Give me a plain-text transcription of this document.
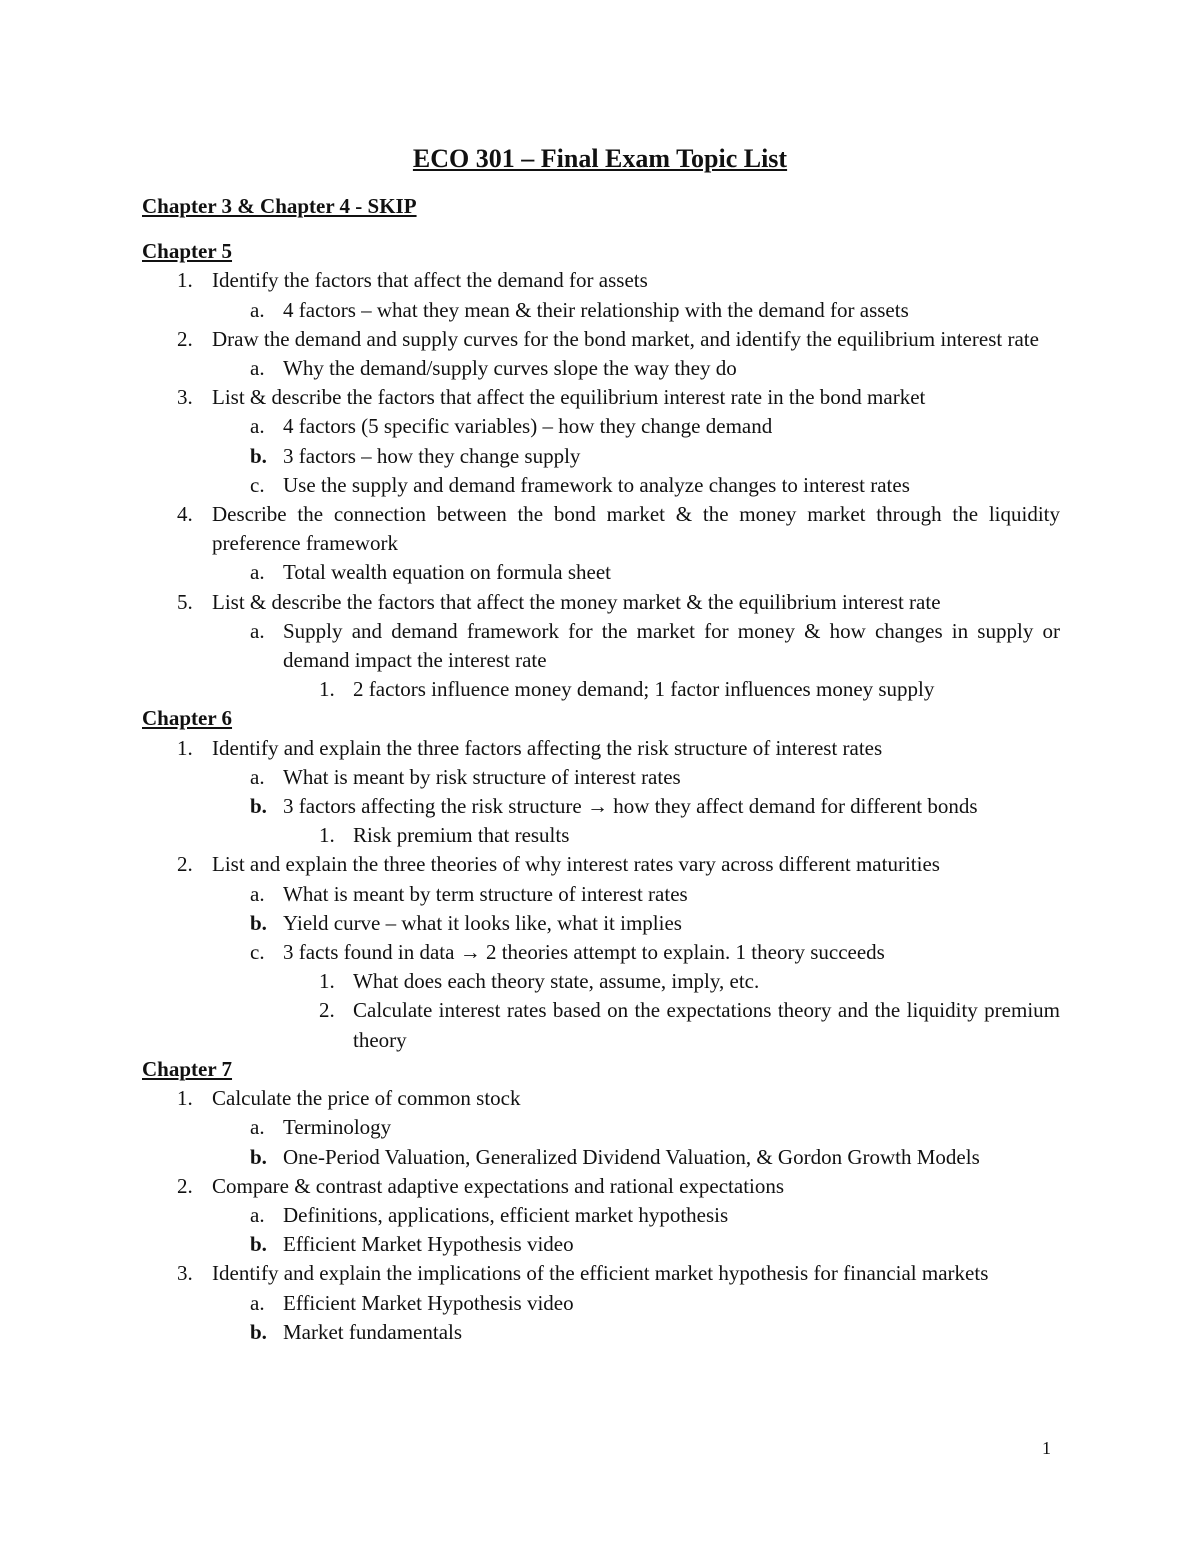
ECO 301 – Final Exam Topic List
Chapter 3 & Chapter 4 - SKIP
Chapter 5
1. Identify the factors that affect the demand for assets
a. 4 factors – what they mean & their relationship with the demand for assets
2. Draw the demand and supply curves for the bond market, and identify the equilibrium interest rate
a. Why the demand/supply curves slope the way they do
3. List & describe the factors that affect the equilibrium interest rate in the bond market
a. 4 factors (5 specific variables) – how they change demand
b. 3 factors – how they change supply
c. Use the supply and demand framework to analyze changes to interest rates
4. Describe the connection between the bond market & the money market through the liquidity preference framework
a. Total wealth equation on formula sheet
5. List & describe the factors that affect the money market & the equilibrium interest rate
a. Supply and demand framework for the market for money & how changes in supply or demand impact the interest rate
1. 2 factors influence money demand; 1 factor influences money supply
Chapter 6
1. Identify and explain the three factors affecting the risk structure of interest rates
a. What is meant by risk structure of interest rates
b. 3 factors affecting the risk structure → how they affect demand for different bonds
1. Risk premium that results
2. List and explain the three theories of why interest rates vary across different maturities
a. What is meant by term structure of interest rates
b. Yield curve – what it looks like, what it implies
c. 3 facts found in data → 2 theories attempt to explain. 1 theory succeeds
1. What does each theory state, assume, imply, etc.
2. Calculate interest rates based on the expectations theory and the liquidity premium theory
Chapter 7
1. Calculate the price of common stock
a. Terminology
b. One-Period Valuation, Generalized Dividend Valuation, & Gordon Growth Models
2. Compare & contrast adaptive expectations and rational expectations
a. Definitions, applications, efficient market hypothesis
b. Efficient Market Hypothesis video
3. Identify and explain the implications of the efficient market hypothesis for financial markets
a. Efficient Market Hypothesis video
b. Market fundamentals
1
